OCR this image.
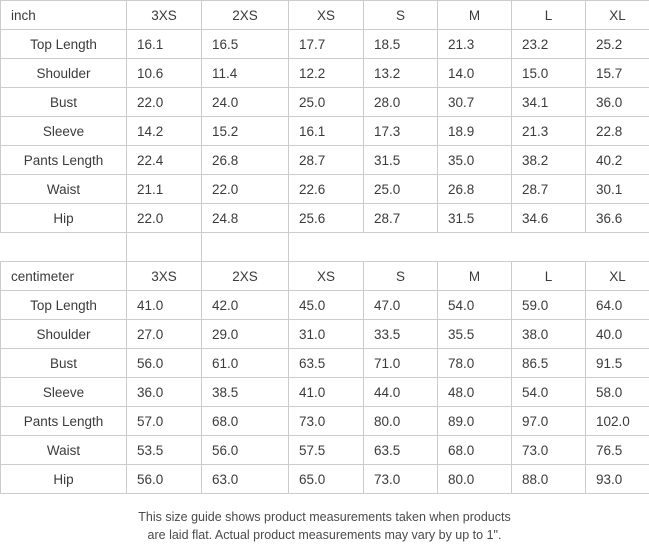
inch	3XS	2XS	XS	S	M	L	XL
Top Length	16.1	16.5	17.7	18.5	21.3	23.2	25.2
Shoulder	10.6	11.4	12.2	13.2	14.0	15.0	15.7
Bust	22.0	24.0	25.0	28.0	30.7	34.1	36.0
Sleeve	14.2	15.2	16.1	17.3	18.9	21.3	22.8
Pants Length	22.4	26.8	28.7	31.5	35.0	38.2	40.2
Waist	21.1	22.0	22.6	25.0	26.8	28.7	30.1
Hip	22.0	24.8	25.6	28.7	31.5	34.6	36.6

centimeter	3XS	2XS	XS	S	M	L	XL
Top Length	41.0	42.0	45.0	47.0	54.0	59.0	64.0
Shoulder	27.0	29.0	31.0	33.5	35.5	38.0	40.0
Bust	56.0	61.0	63.5	71.0	78.0	86.5	91.5
Sleeve	36.0	38.5	41.0	44.0	48.0	54.0	58.0
Pants Length	57.0	68.0	73.0	80.0	89.0	97.0	102.0
Waist	53.5	56.0	57.5	63.5	68.0	73.0	76.5
Hip	56.0	63.0	65.0	73.0	80.0	88.0	93.0
This size guide shows product measurements taken when products
are laid flat. Actual product measurements may vary by up to 1".
